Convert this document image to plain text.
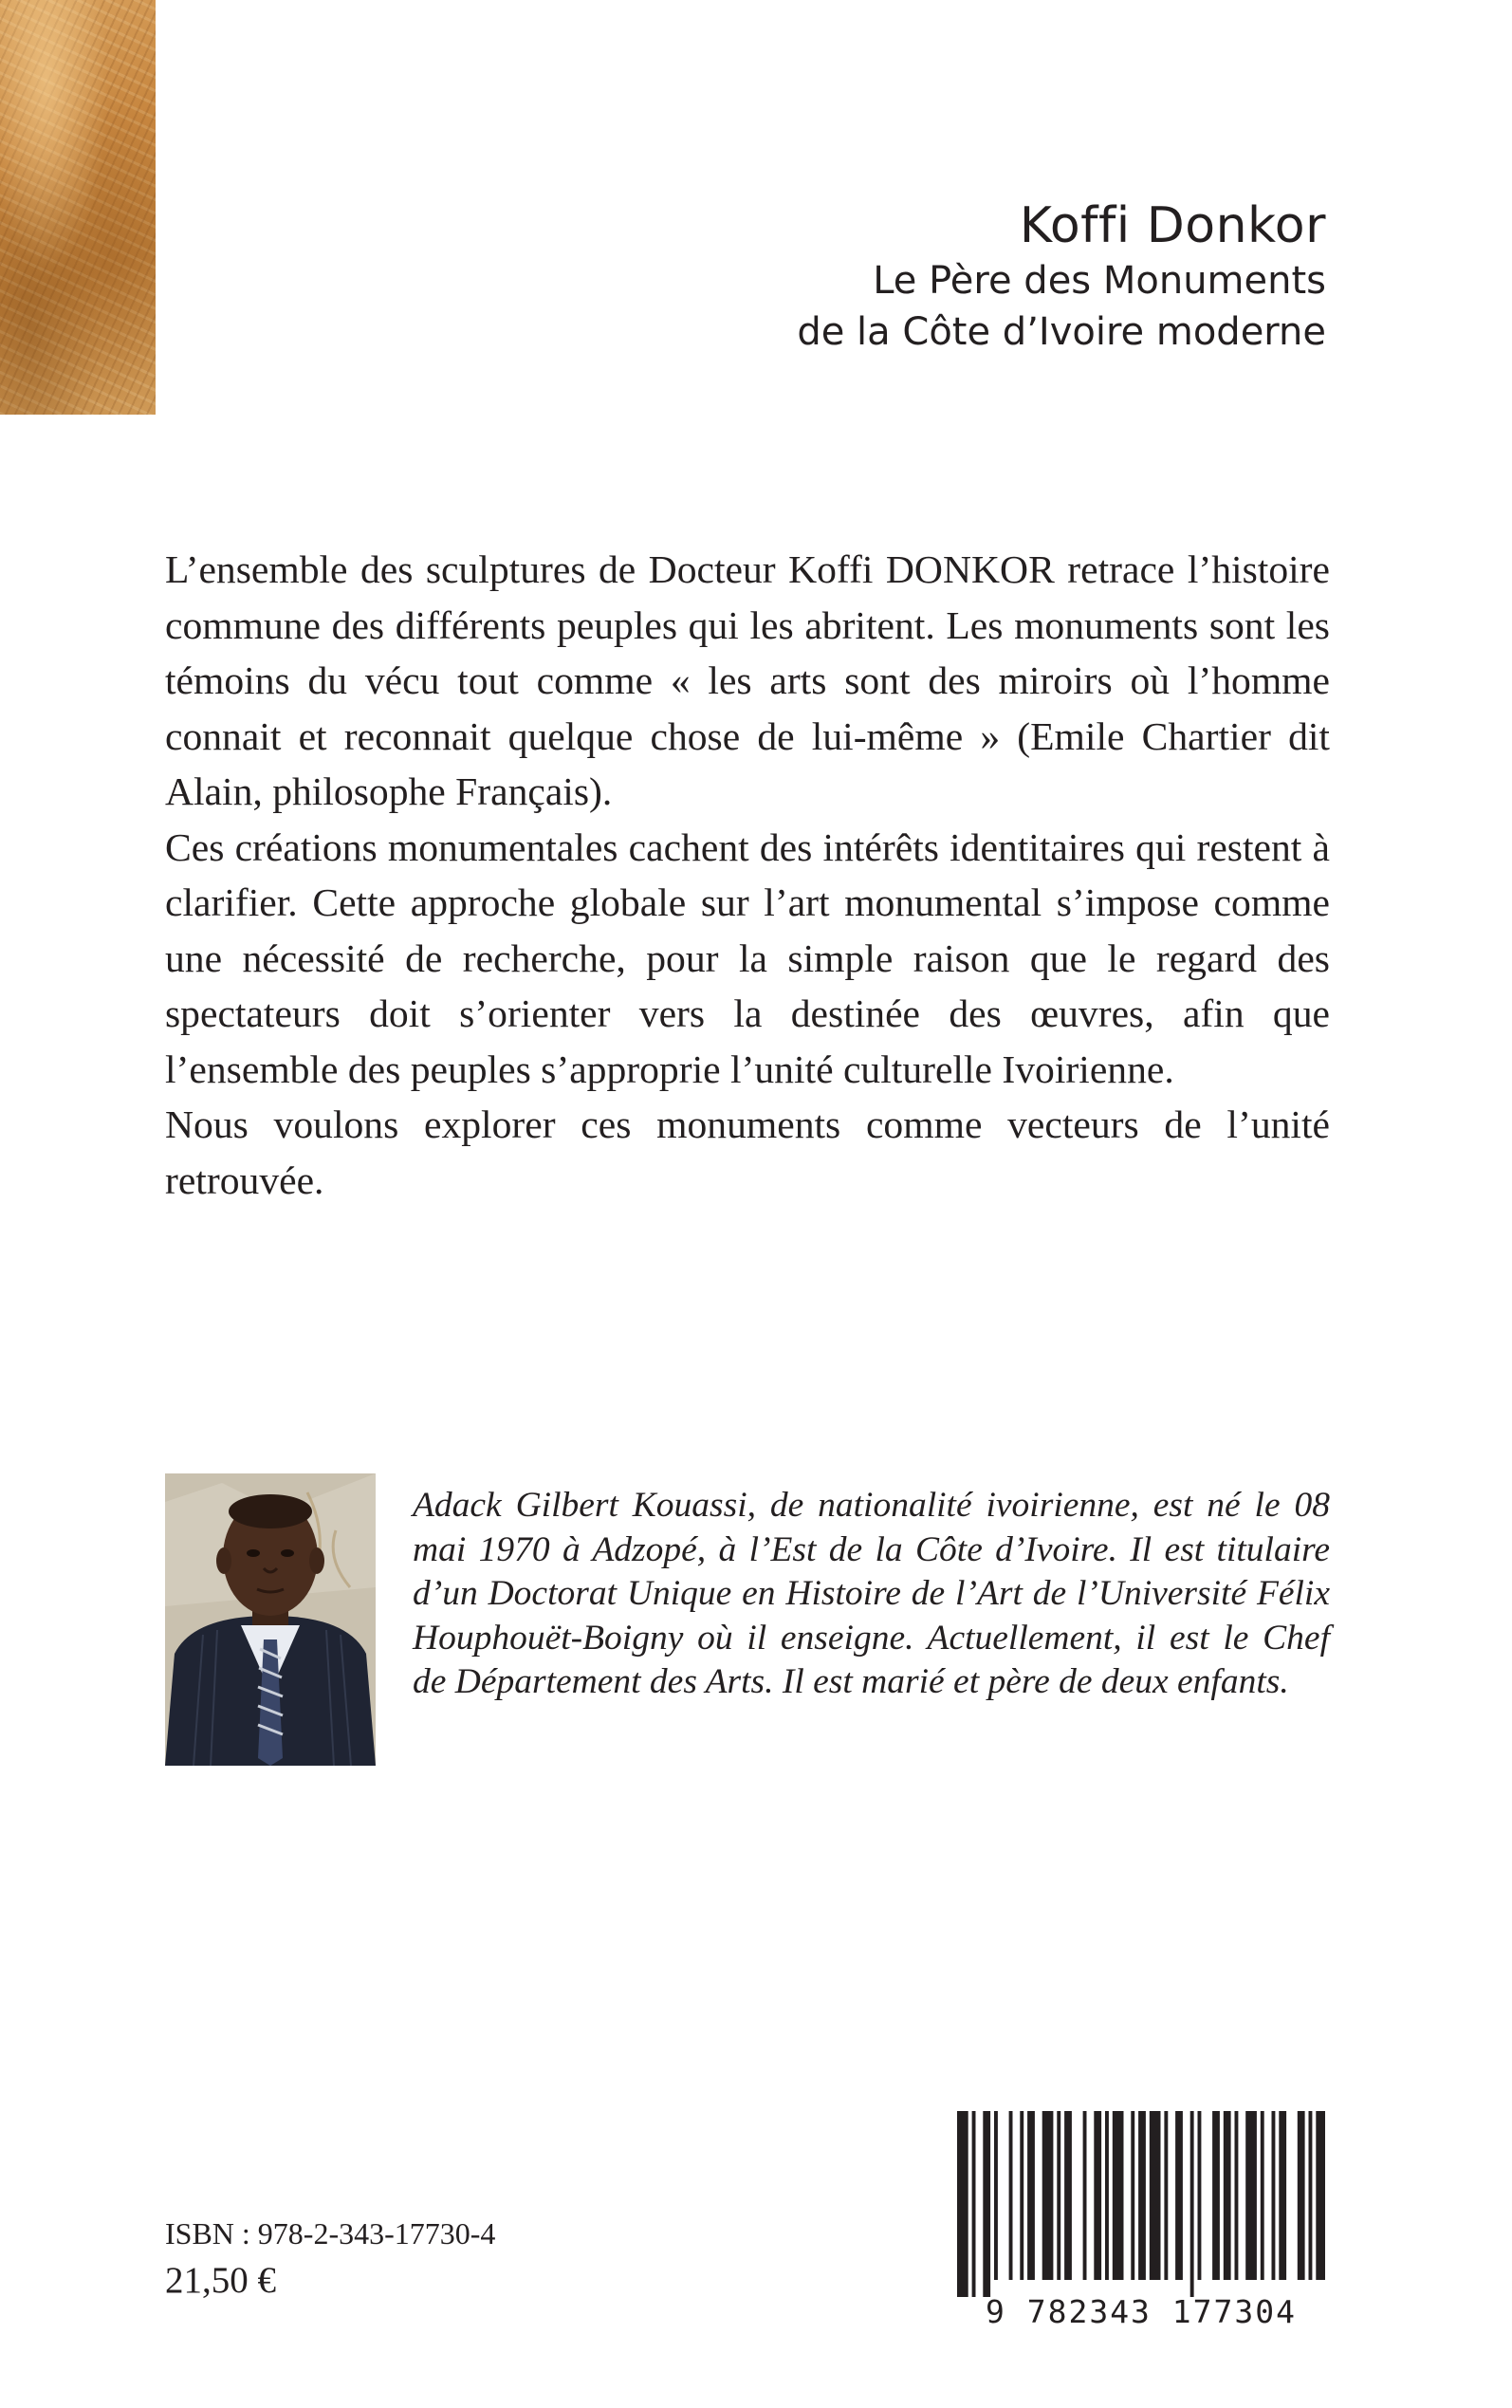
Koffi Donkor
Le Père des Monuments
de la Côte d’Ivoire moderne

L’ensemble des sculptures de Docteur Koffi DONKOR retrace l’histoire commune des différents peuples qui les abritent. Les monuments sont les témoins du vécu tout comme « les arts sont des miroirs où l’homme connait et reconnait quelque chose de lui-même » (Emile Chartier dit Alain, philosophe Français).

Ces créations monumentales cachent des intérêts identitaires qui restent à clarifier. Cette approche globale sur l’art monumental s’impose comme une nécessité de recherche, pour la simple raison que le regard des spectateurs doit s’orienter vers la destinée des œuvres, afin que l’ensemble des peuples s’approprie l’unité culturelle Ivoirienne.

Nous voulons explorer ces monuments comme vecteurs de l’unité retrouvée.

Adack Gilbert Kouassi, de nationalité ivoirienne, est né le 08 mai 1970 à Adzopé, à l’Est de la Côte d’Ivoire. Il est titulaire d’un Doctorat Unique en Histoire de l’Art de l’Université Félix Houphouët-Boigny où il enseigne. Actuellement, il est le Chef de Département des Arts. Il est marié et père de deux enfants.

ISBN : 978-2-343-17730-4
21,50 €
9 782343 177304
